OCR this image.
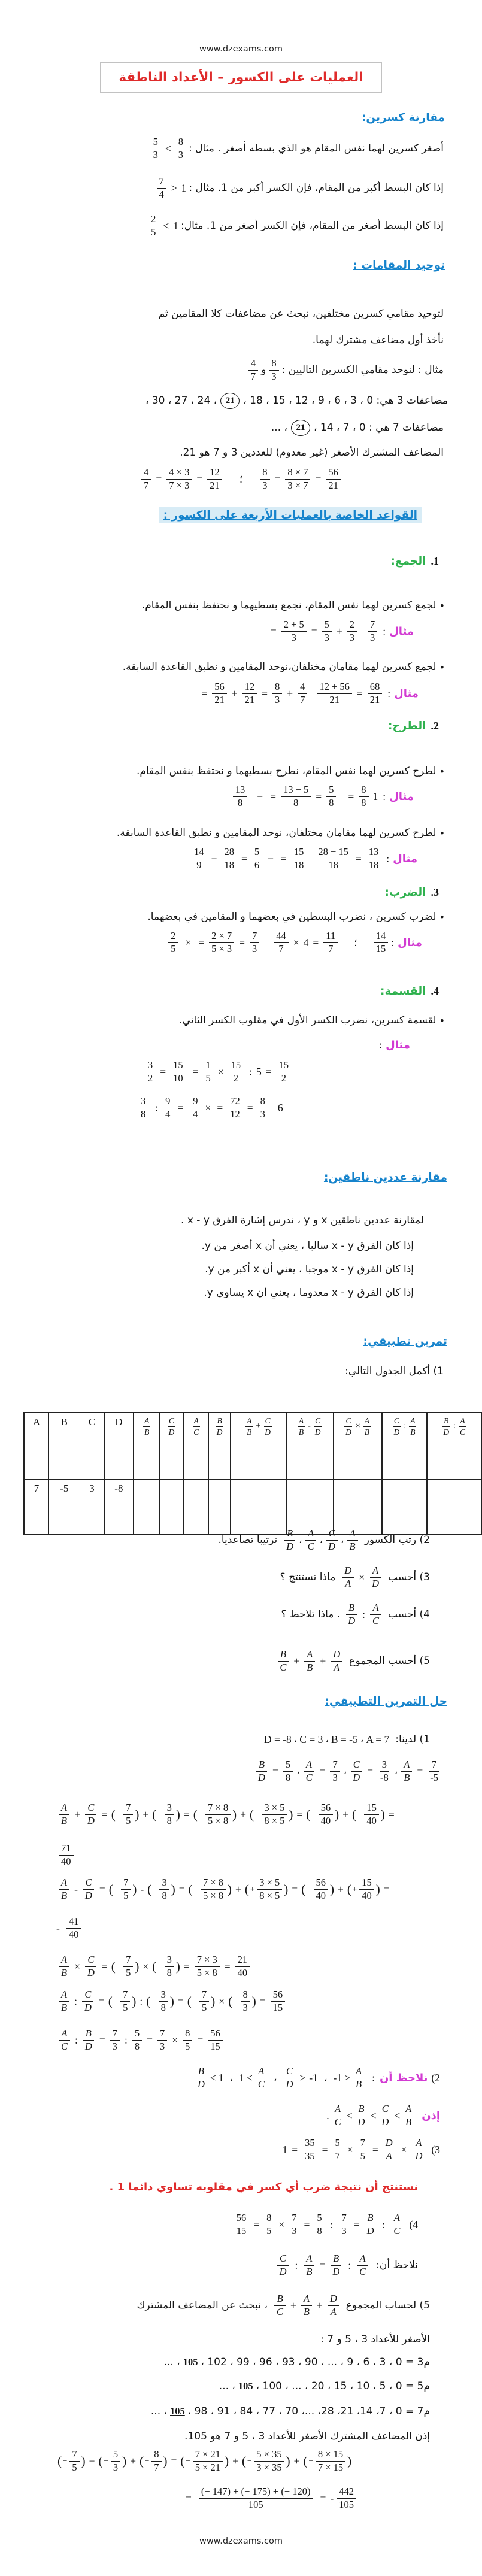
www.dzexams.com
العمليات على الكسور – الأعداد الناطقة
مقارنة كسرين:
أصغر كسرين لهما نفس المقام هو الذي بسطه أصغر . مثال :
$\frac{8}{3}$
<
$\frac{5}{3}$
إذا كان البسط أكبر من المقام، فإن الكسر أكبر من 1. مثال :
1
>
$\frac{7}{4}$
إذا كان البسط أصغر من المقام، فإن الكسر أصغر من 1. مثال:
1
<
$\frac{2}{5}$
توحيد المقامات :
لتوحيد مقامي كسرين مختلفين، نبحث عن مضاعفات كلا المقامين ثم
نأخذ أول مضاعف مشترك لهما.
مثال : لنوحد مقامي الكسرين التاليين :
$\frac{8}{3}$
و
$\frac{4}{7}$
مضاعفات 3 هي: 0 ، 3 ، 6 ، 9 ، 12 ، 15 ، 18 ،
21
، 24 ، 27 ، 30 ،
مضاعفات 7 هي : 0 ، 7 ، 14 ،
21
، ...
المضاعف المشترك الأصغر (غير معدوم) للعددين 3 و 7 هو 21.
$\frac{4}{7} = \frac{4 \times 3}{7 \times 3} = \frac{12}{21}$ ؛ $\frac{8}{3} = \frac{8 \times 7}{3 \times 7} = \frac{56}{21}$
القواعد الخاصة بالعمليات الأربعة على الكسور :
1.
الجمع:
•
لجمع كسرين لهما نفس المقام، نجمع بسطيهما و نحتفظ بنفس المقام.
= $\frac{2 + 5}{3} = \frac{5}{3} + \frac{2}{3} \frac{7}{3}$ : مثال
•
لجمع كسرين لهما مقامان مختلفان،نوحد المقامين و نطبق القاعدة السابقة.
= $\frac{56}{21} + \frac{12}{21} = \frac{8}{3} + \frac{4}{7} \frac{12 + 56}{21} = \frac{68}{21}$ : مثال
2.
الطرح:
•
لطرح كسرين لهما نفس المقام، نطرح بسطيهما و نحتفظ بنفس المقام.
$\frac{13}{8}$ − = $\frac{13 - 5}{8} = \frac{5}{8} = \frac{8}{8} 1$ : مثال
•
لطرح كسرين لهما مقامان مختلفان، نوحد المقامين و نطبق القاعدة السابقة.
$\frac{14}{9} - \frac{28}{18} = \frac{5}{6}$ − = $\frac{15}{18} \frac{28 - 15}{18} = \frac{13}{18}$ : مثال
3.
الضرب:
•
لضرب كسرين ، نضرب البسطين في بعضهما و المقامين في بعضهما.
$\frac{2}{5}$ × = $\frac{2 \times 7}{5 \times 3} = \frac{7}{3} \frac{44}{7} \times 4 = \frac{11}{7}$ ؛ $\frac{14}{15}$ : مثال
4.
القسمة:
•
لقسمة كسرين، نضرب الكسر الأول في مقلوب الكسر الثاني.
: مثال
$\frac{3}{2} = \frac{15}{10} = \frac{1}{5} \times \frac{15}{2}$ : $5 = \frac{15}{2}$
$\frac{3}{8}$ : $\frac{9}{4} = \frac{9}{4}$ × = $\frac{72}{12} = \frac{8}{3} 6$
مقارنة عددين ناطقين:
لمقارنة عددين ناطقين x و y ، ندرس إشارة الفرق x - y .
إذا كان الفرق x - y سالبا ، يعني أن x أصغر من y.
إذا كان الفرق x - y موجبا ، يعني أن x أكبر من y.
إذا كان الفرق x - y معدوما ، يعني أن x يساوي y.
تمرين تطبيقي:
1) أكمل الجدول التالي:
A	B	C	D	$\frac{A}{B}$	$\frac{C}{D}$	$\frac{A}{C}$	$\frac{B}{D}$	$\frac{A}{B} + \frac{C}{D}$	$\frac{A}{B} - \frac{C}{D}$	$\frac{C}{D} \times \frac{A}{B}$	$\frac{C}{D}$ : $\frac{A}{B}$	$\frac{B}{D}$ : $\frac{A}{C}$

7	-5	3	-8									
2) رتب الكسور
$\frac{A}{B}$
،
$\frac{C}{D}$
،
$\frac{A}{C}$
،
$\frac{B}{D}$
ترتيبا تصاعديا.
3) أحسب
$\frac{A}{D}$
×
$\frac{D}{A}$
ماذا تستنتج ؟
4) أحسب
$\frac{A}{C}$
:
$\frac{B}{D}$
. ماذا تلاحظ ؟
5) أحسب المجموع
$\frac{D}{A}$
+
$\frac{A}{B}$
+
$\frac{B}{C}$
حل التمرين التطبيقي:
1) لدينا:
A = 7
،
B = -5
،
C = 3
،
D = -8
$\frac{A}{B} = \frac{7}{-5}$
،
$\frac{C}{D} = \frac{3}{-8}$
،
$\frac{A}{C} = \frac{7}{3}$
،
$\frac{B}{D} = \frac{5}{8}$
$\frac{A}{B} + \frac{C}{D}$ = ( − $\frac{7}{5}$ ) + ( − $\frac{3}{8}$ ) = ( − $\frac{7 \times 8}{5 \times 8}$ ) + ( − $\frac{3 \times 5}{8 \times 5}$ ) = ( − $\frac{56}{40}$ ) + ( − $\frac{15}{40}$ ) =
$\frac{71}{40}$
$\frac{A}{B} - \frac{C}{D}$ = ( − $\frac{7}{5}$ ) - ( − $\frac{3}{8}$ ) = ( − $\frac{7 \times 8}{5 \times 8}$ ) + ( + $\frac{3 \times 5}{8 \times 5}$ ) = ( − $\frac{56}{40}$ ) + ( + $\frac{15}{40}$ ) =
- $\frac{41}{40}$
$\frac{A}{B} \times \frac{C}{D}$ = ( − $\frac{7}{5}$ ) × ( − $\frac{3}{8}$ ) = $\frac{7 \times 3}{5 \times 8} = \frac{21}{40}$
$\frac{A}{B}$ : $\frac{C}{D}$ = ( − $\frac{7}{5}$ ) : ( − $\frac{3}{8}$ ) = ( − $\frac{7}{5}$ ) × ( − $\frac{8}{3}$ ) = $\frac{56}{15}$
$\frac{A}{C}$ : $\frac{B}{D} = \frac{7}{3}$ : $\frac{5}{8} = \frac{7}{3} \times \frac{8}{5} = \frac{56}{15}$
$\frac{B}{D} < 1$ ، $1 < \frac{A}{C}$ ، $\frac{C}{D} > -1$ ، $-1 > \frac{A}{B}$ : نلاحظ أن (2
. $\frac{A}{C} < \frac{B}{D} < \frac{C}{D} < \frac{A}{B}$ إذن
$1 = \frac{35}{35} = \frac{5}{7} \times \frac{7}{5} = \frac{D}{A} \times \frac{A}{D} (3$
نستنتج أن نتيجة ضرب أي كسر في مقلوبه تساوي دائما 1 .
$\frac{56}{15} = \frac{8}{5} \times \frac{7}{3} = \frac{5}{8}$ : $\frac{7}{3} = \frac{B}{D}$ : $\frac{A}{C} (4$
$\frac{C}{D}$ : $\frac{A}{B} = \frac{B}{D}$ : $\frac{A}{C}$ نلاحظ أن:
5) لحساب المجموع
$\frac{D}{A}$
+
$\frac{A}{B}$
+
$\frac{B}{C}$
، نبحث عن المضاعف المشترك
الأصغر للأعداد 3 ، 5 و 7 :
م3 = 0 ، 3 ، 6 ، 9 ، ... ، 90 ، 93 ، 96 ، 99 ، 102 ،
105
، ...
م5 = 0 ، 5 ، 10 ، 15 ، 20 ، ... ، 100 ،
105
، ...
م7 = 0 ، 7، 14، 21، 28، ...، 70 ، 77 ، 84 ، 91 ، 98 ،
105
، ...
إذن المضاعف المشترك الأصغر للأعداد 3 ، 5 و 7 هو 105.
( − $\frac{7}{5}$ ) + ( − $\frac{5}{3}$ ) + ( − $\frac{8}{7}$ ) = ( − $\frac{7 \times 21}{5 \times 21}$ ) + ( − $\frac{5 \times 35}{3 \times 35}$ ) + ( − $\frac{8 \times 15}{7 \times 15}$ )
= $\frac{(- 147) + (- 175) + (- 120)}{105}$ = - $\frac{442}{105}$
www.dzexams.com
